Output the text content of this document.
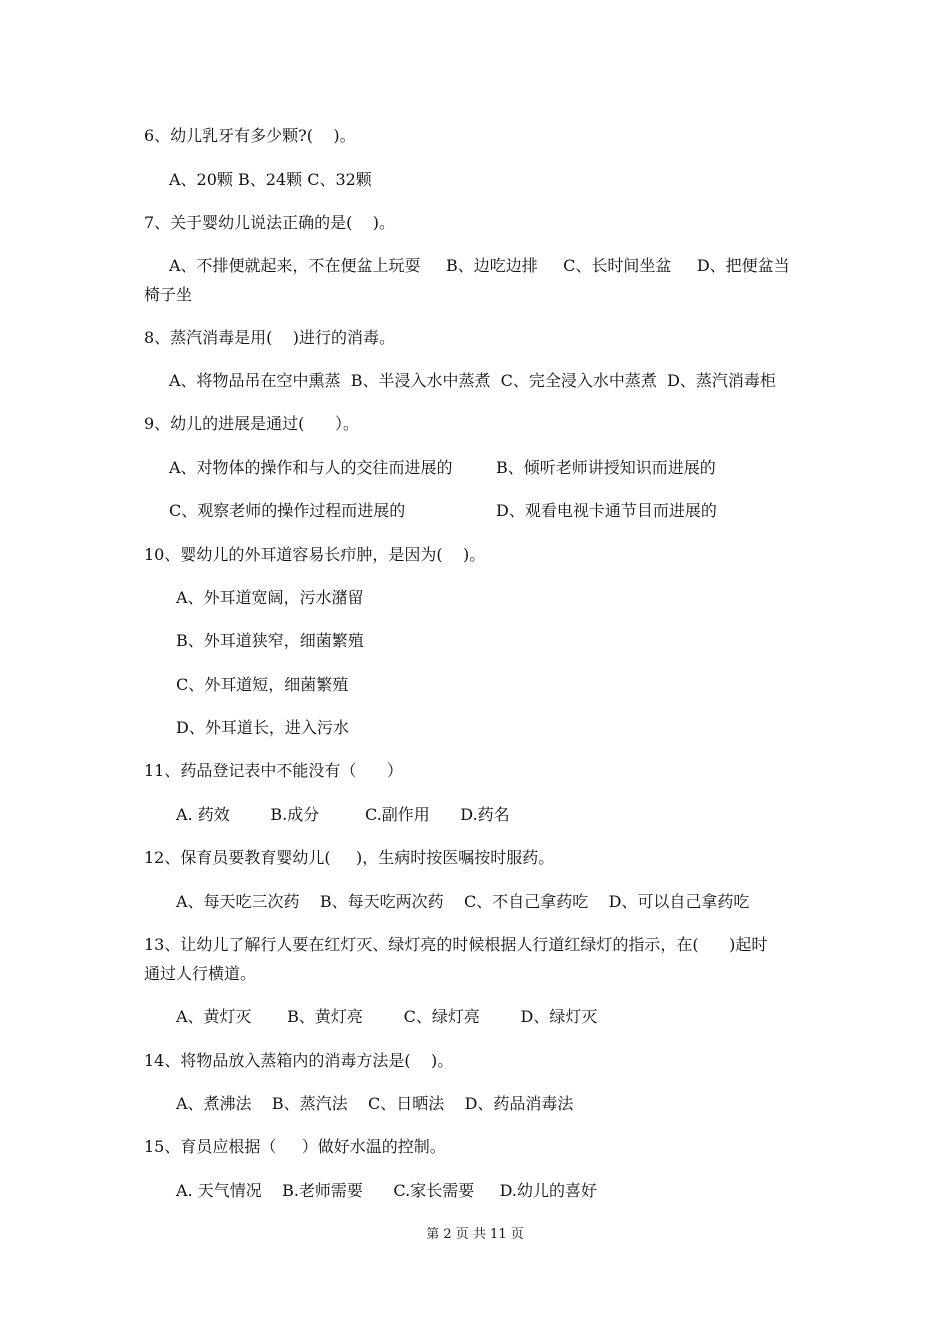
6、幼儿乳牙有多少颗?(    )。
A、20颗 B、24颗 C、32颗
7、关于婴幼儿说法正确的是(    )。
A、不排便就起来，不在便盆上玩耍     B、边吃边排     C、长时间坐盆     D、把便盆当
椅子坐
8、蒸汽消毒是用(    )进行的消毒。
A、将物品吊在空中熏蒸  B、半浸入水中蒸煮  C、完全浸入水中蒸煮  D、蒸汽消毒柜
9、幼儿的进展是通过(      ）。
A、对物体的操作和与人的交往而进展的	B、倾听老师讲授知识而进展的
C、观察老师的操作过程而进展的	D、观看电视卡通节目而进展的
10、婴幼儿的外耳道容易长疖肿，是因为(    )。
A、外耳道宽阔，污水潴留
B、外耳道狭窄，细菌繁殖
C、外耳道短，细菌繁殖
D、外耳道长，进入污水
11、药品登记表中不能没有（      ）
A. 药效        B.成分         C.副作用      D.药名
12、保育员要教育婴幼儿(     )，生病时按医嘱按时服药。
A、每天吃三次药    B、每天吃两次药    C、不自己拿药吃    D、可以自己拿药吃
13、让幼儿了解行人要在红灯灭、绿灯亮的时候根据人行道红绿灯的指示，在(      )起时
通过人行横道。
A、黄灯灭       B、黄灯亮        C、绿灯亮        D、绿灯灭
14、将物品放入蒸箱内的消毒方法是(    )。
A、煮沸法    B、蒸汽法    C、日晒法    D、药品消毒法
15、育员应根据（     ）做好水温的控制。
A. 天气情况    B.老师需要      C.家长需要     D.幼儿的喜好
第 2 页 共 11 页
